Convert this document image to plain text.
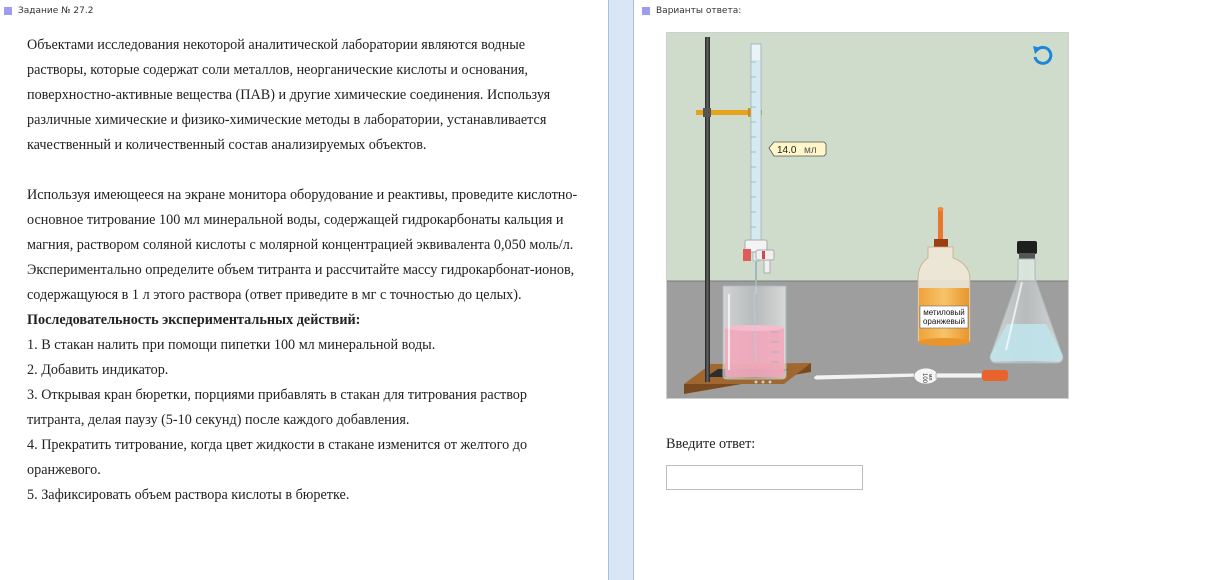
Задание № 27.2

Объектами исследования некоторой аналитической лаборатории являются водные растворы, которые содержат соли металлов, неорганические кислоты и основания, поверхностно-активные вещества (ПАВ) и другие химические соединения. Используя различные химические и физико-химические методы в лаборатории, устанавливается качественный и количественный состав анализируемых объектов.

Используя имеющееся на экране монитора оборудование и реактивы, проведите кислотно-основное титрование 100 мл минеральной воды, содержащей гидрокарбонаты кальция и магния, раствором соляной кислоты с молярной концентрацией эквивалента 0,050 моль/л. Экспериментально определите объем титранта и рассчитайте массу гидрокарбонат-ионов, содержащуюся в 1 л этого раствора (ответ приведите в мг с точностью до целых).

Последовательность экспериментальных действий:

1. В стакан налить при помощи пипетки 100 мл минеральной воды.

2. Добавить индикатор.

3. Открывая кран бюретки, порциями прибавлять в стакан для титрования раствор титранта, делая паузу (5-10 секунд) после каждого добавления.

4. Прекратить титрование, когда цвет жидкости в стакане изменится от желтого до оранжевого.

5. Зафиксировать объем раствора кислоты в бюретке.

Варианты ответа:
14.0 мл
метиловый
оранжевый
100 мл
Введите ответ:
